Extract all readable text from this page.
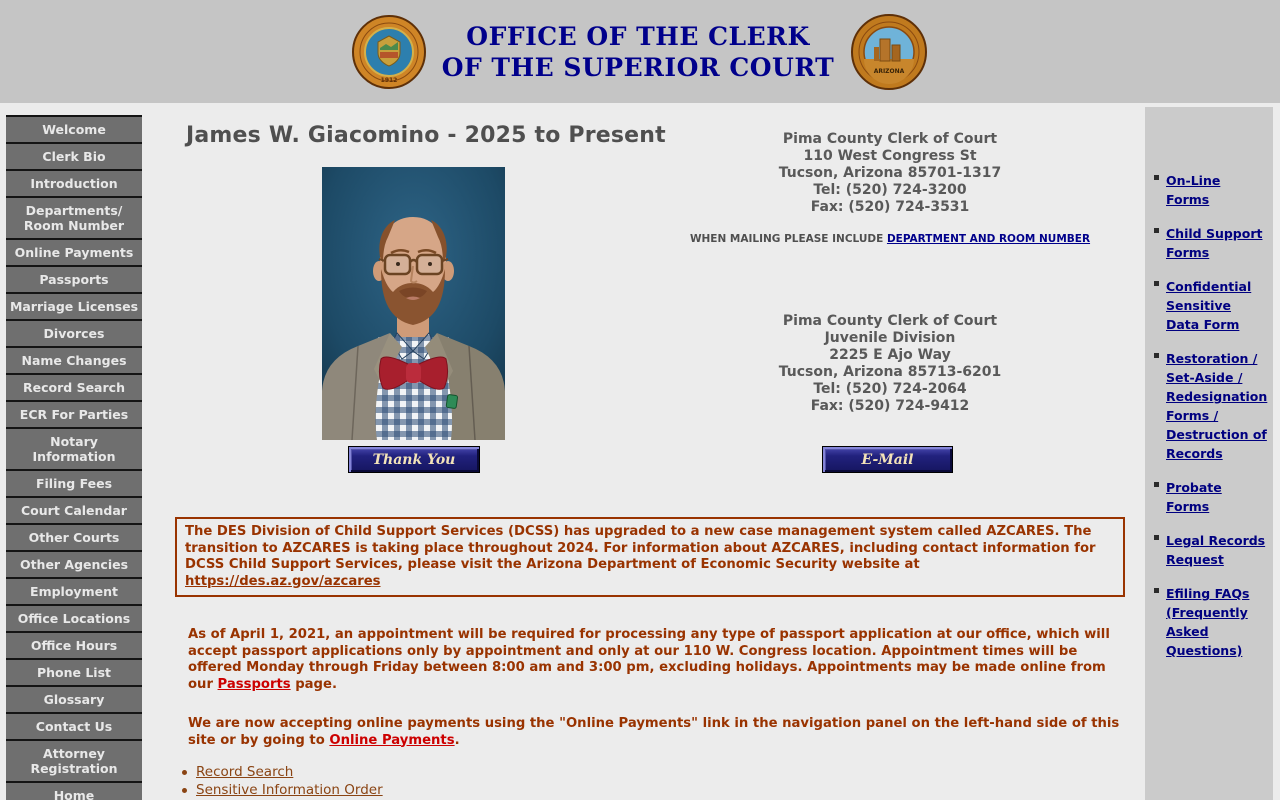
1912
OFFICE OF THE CLERK
OF THE SUPERIOR COURT	ARIZONA
Welcome
Clerk Bio
Introduction
Departments/ Room Number
Online Payments
Passports
Marriage Licenses
Divorces
Name Changes
Record Search
ECR For Parties
Notary Information
Filing Fees
Court Calendar
Other Courts
Other Agencies
Employment
Office Locations
Office Hours
Phone List
Glossary
Contact Us
Attorney Registration
Home
On-Line Forms
Child Support Forms
Confidential Sensitive Data Form
Restoration / Set-Aside / Redesignation Forms / Destruction of Records
Probate Forms
Legal Records Request
Efiling FAQs (Frequently Asked Questions)
James W. Giacomino - 2025 to Present	Pima County Clerk of Court
110 West Congress St
Tucson, Arizona 85701-1317
Tel: (520) 724-3200
Fax: (520) 724-3531
WHEN MAILING PLEASE INCLUDE DEPARTMENT AND ROOM NUMBER
Pima County Clerk of Court
Juvenile Division
2225 E Ajo Way
Tucson, Arizona 85713-6201
Tel: (520) 724-2064
Fax: (520) 724-9412
Thank You	E-Mail
The DES Division of Child Support Services (DCSS) has upgraded to a new case management system called AZCARES. The transition to AZCARES is taking place throughout 2024. For information about AZCARES, including contact information for DCSS Child Support Services, please visit the Arizona Department of Economic Security website at https://des.az.gov/azcares
As of April 1, 2021, an appointment will be required for processing any type of passport application at our office, which will accept passport applications only by appointment and only at our 110 W. Congress location. Appointment times will be offered Monday through Friday between 8:00 am and 3:00 pm, excluding holidays. Appointments may be made online from our Passports page.
We are now accepting online payments using the "Online Payments" link in the navigation panel on the left-hand side of this site or by going to Online Payments.
Record Search
Sensitive Information Order
